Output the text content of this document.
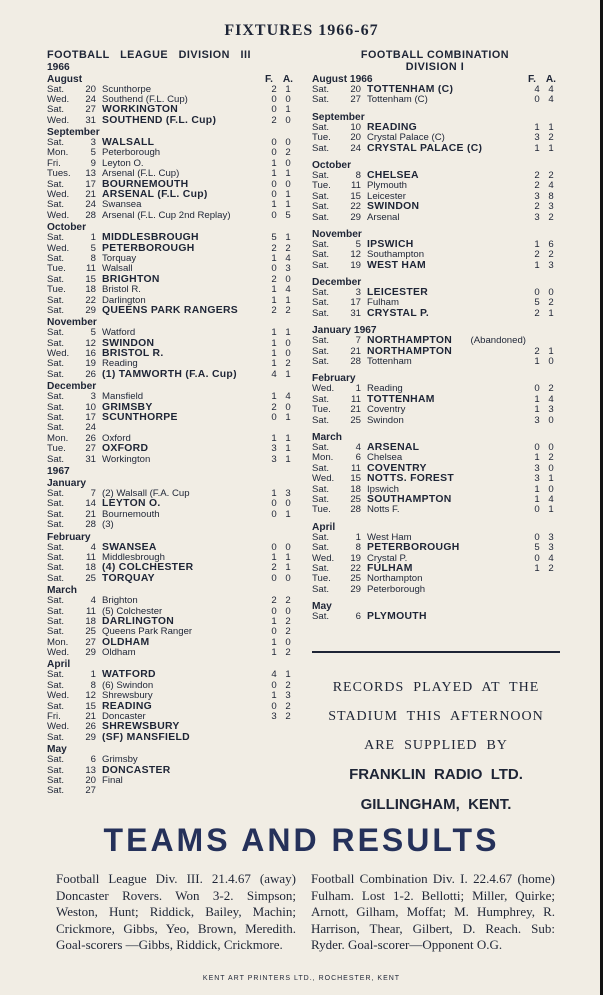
FIXTURES 1966-67
FOOTBALL   LEAGUE   DIVISION   III
1966
August	F. A.
Sat.	20 Scunthorpe	2 1
Wed.	24 Southend (F.L. Cup)	0 0
Sat.	27 WORKINGTON	0 1
Wed.	31 SOUTHEND (F.L. Cup)	2 0
September
Sat.	3 WALSALL	0 0
Mon.	5 Peterborough	0 2
Fri.	9 Leyton O.	1 0
Tues.	13 Arsenal (F.L. Cup)	1 1
Sat.	17 BOURNEMOUTH	0 0
Wed.	21 ARSENAL (F.L. Cup)	0 1
Sat.	24 Swansea	1 1
Wed.	28 Arsenal (F.L. Cup 2nd Replay)	0 5
October
Sat.	1 MIDDLESBROUGH	5 1
Wed.	5 PETERBOROUGH	2 2
Sat.	8 Torquay	1 4
Tue.	11 Walsall	0 3
Sat.	15 BRIGHTON	2 0
Tue.	18 Bristol R.	1 4
Sat.	22 Darlington	1 1
Sat.	29 QUEENS PARK RANGERS	2 2
November
Sat.	5 Watford	1 1
Sat.	12 SWINDON	1 0
Wed.	16 BRISTOL R.	1 0
Sat.	19 Reading	1 2
Sat.	26 (1) TAMWORTH (F.A. Cup)	4 1
December
Sat.	3 Mansfield	1 4
Sat.	10 GRIMSBY	2 0
Sat.	17 SCUNTHORPE	0 1
Sat.	24
Mon.	26 Oxford	1 1
Tue.	27 OXFORD	3 1
Sat.	31 Workington	3 1
1967
January
Sat.	7 (2) Walsall (F.A. Cup	1 3
Sat.	14 LEYTON O.	0 0
Sat.	21 Bournemouth	0 1
Sat.	28 (3)
February
Sat.	4 SWANSEA	0 0
Sat.	11 Middlesbrough	1 1
Sat.	18 (4) COLCHESTER	2 1
Sat.	25 TORQUAY	0 0
March
Sat.	4 Brighton	2 2
Sat.	11 (5) Colchester	0 0
Sat.	18 DARLINGTON	1 2
Sat.	25 Queens Park Ranger	0 2
Mon.	27 OLDHAM	1 0
Wed.	29 Oldham	1 2
April
Sat.	1 WATFORD	4 1
Sat.	8 (6) Swindon	0 2
Wed.	12 Shrewsbury	1 3
Sat.	15 READING	0 2
Fri.	21 Doncaster	3 2
Wed.	26 SHREWSBURY
Sat.	29 (SF) MANSFIELD
May
Sat.	6 Grimsby
Sat.	13 DONCASTER
Sat.	20 Final
Sat.	27
FOOTBALL COMBINATION
DIVISION I
August 1966	F. A.
Sat.	20 TOTTENHAM (C)	4 4
Sat.	27 Tottenham (C)	0 4
September
Sat.	10 READING	1 1
Tue.	20 Crystal Palace (C)	3 2
Sat.	24 CRYSTAL PALACE (C)	1 1
October
Sat.	8 CHELSEA	2 2
Tue.	11 Plymouth	2 4
Sat.	15 Leicester	3 8
Sat.	22 SWINDON	2 3
Sat.	29 Arsenal	3 2
November
Sat.	5 IPSWICH	1 6
Sat.	12 Southampton	2 2
Sat.	19 WEST HAM	1 3
December
Sat.	3 LEICESTER	0 0
Sat.	17 Fulham	5 2
Sat.	31 CRYSTAL P.	2 1
January 1967
Sat.	7 NORTHAMPTON	(Abandoned)
Sat.	21 NORTHAMPTON	2 1
Sat.	28 Tottenham	1 0
February
Wed.	1 Reading	0 2
Sat.	11 TOTTENHAM	1 4
Tue.	21 Coventry	1 3
Sat.	25 Swindon	3 0
March
Sat.	4 ARSENAL	0 0
Mon.	6 Chelsea	1 2
Sat.	11 COVENTRY	3 0
Wed.	15 NOTTS. FOREST	3 1
Sat.	18 Ipswich	1 0
Sat.	25 SOUTHAMPTON	1 4
Tue.	28 Notts F.	0 1
April
Sat.	1 West Ham	0 3
Sat.	8 PETERBOROUGH	5 3
Wed.	19 Crystal P.	0 4
Sat.	22 FULHAM	1 2
Tue.	25 Northampton
Sat.	29 Peterborough
May
Sat.	6 PLYMOUTH
RECORDS  PLAYED  AT  THE
STADIUM  THIS  AFTERNOON
ARE  SUPPLIED  BY
FRANKLIN  RADIO  LTD.
GILLINGHAM,  KENT.
TEAMS AND RESULTS
Football League Div. III. 21.4.67 (away) Doncaster Rovers. Won 3-2. Simpson; Weston, Hunt; Riddick, Bailey, Machin; Crickmore, Gibbs, Yeo, Brown, Meredith. Goal-scorers —Gibbs, Riddick, Crickmore.
Football Combination Div. I. 22.4.67 (home) Fulham. Lost 1-2. Bellotti; Miller, Quirke; Arnott, Gilham, Moffat; M. Humphrey, R. Harrison, Thear, Gilbert, D. Reach. Sub: Ryder. Goal-scorer—Opponent O.G.
KENT ART PRINTERS LTD., ROCHESTER, KENT
